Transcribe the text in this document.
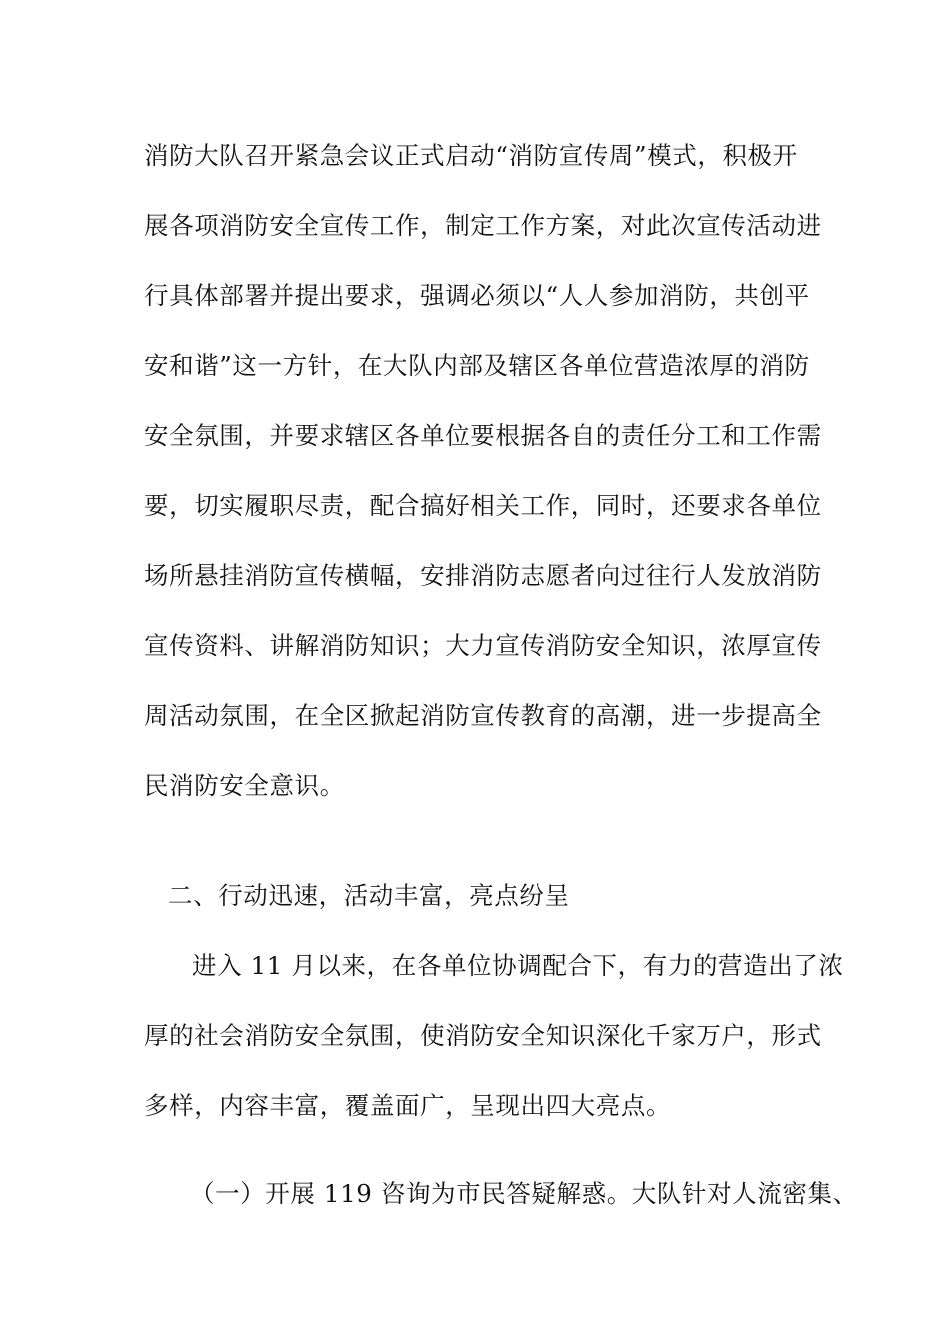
消防大队召开紧急会议正式启动“消防宣传周”模式，积极开
展各项消防安全宣传工作，制定工作方案，对此次宣传活动进
行具体部署并提出要求，强调必须以“人人参加消防，共创平
安和谐”这一方针，在大队内部及辖区各单位营造浓厚的消防
安全氛围，并要求辖区各单位要根据各自的责任分工和工作需
要，切实履职尽责，配合搞好相关工作，同时，还要求各单位
场所悬挂消防宣传横幅，安排消防志愿者向过往行人发放消防
宣传资料、讲解消防知识；大力宣传消防安全知识，浓厚宣传
周活动氛围，在全区掀起消防宣传教育的高潮，进一步提高全
民消防安全意识。
二、行动迅速，活动丰富，亮点纷呈
进入 11 月以来，在各单位协调配合下，有力的营造出了浓
厚的社会消防安全氛围，使消防安全知识深化千家万户，形式
多样，内容丰富，覆盖面广，呈现出四大亮点。
（一）开展 119 咨询为市民答疑解惑。大队针对人流密集、
